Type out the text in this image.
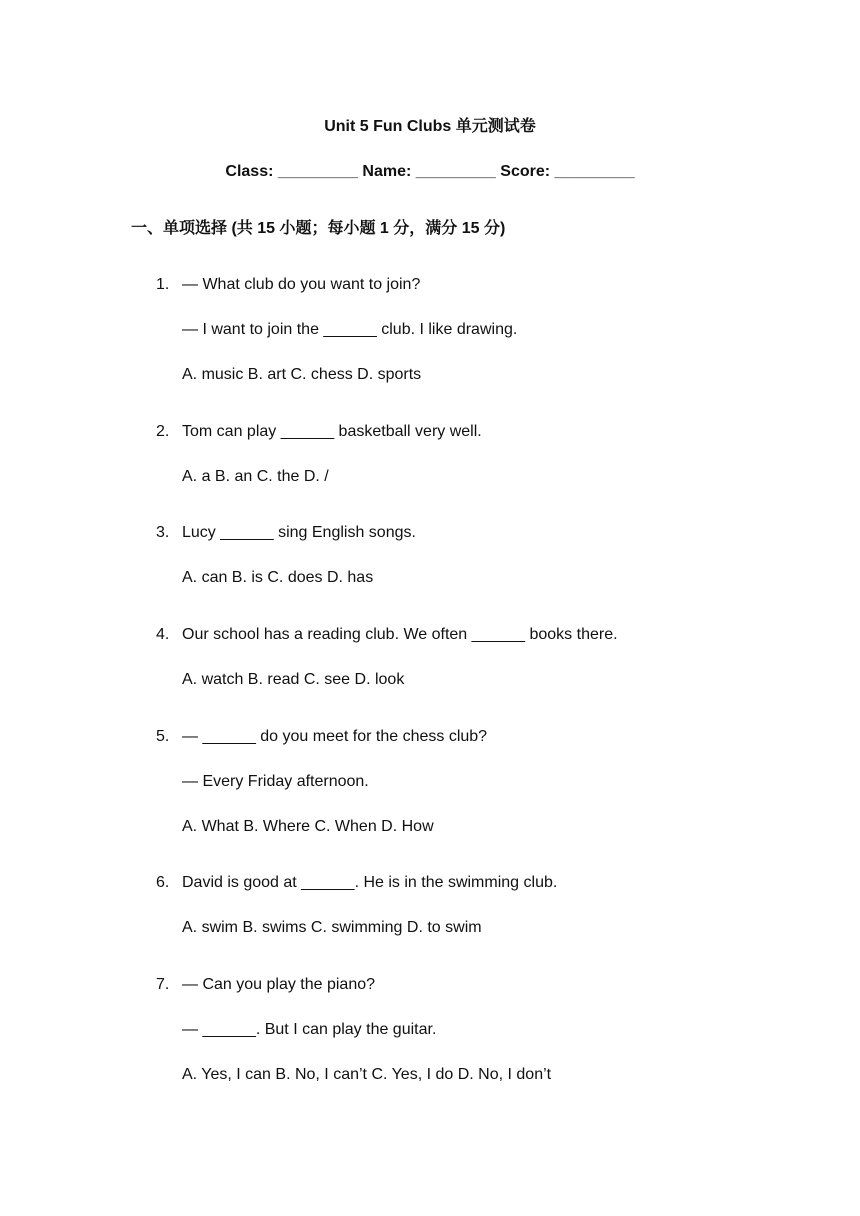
Unit 5 Fun Clubs 单元测试卷
Class: _________ Name: _________ Score: _________
一、单项选择 (共 15 小题；每小题 1 分，满分 15 分)
1. — What club do you want to join?
— I want to join the ______ club. I like drawing.
A. music B. art C. chess D. sports
2. Tom can play ______ basketball very well.
A. a B. an C. the D. /
3. Lucy ______ sing English songs.
A. can B. is C. does D. has
4. Our school has a reading club. We often ______ books there.
A. watch B. read C. see D. look
5. — ______ do you meet for the chess club?
— Every Friday afternoon.
A. What B. Where C. When D. How
6. David is good at ______. He is in the swimming club.
A. swim B. swims C. swimming D. to swim
7. — Can you play the piano?
— ______. But I can play the guitar.
A. Yes, I can B. No, I can’t C. Yes, I do D. No, I don’t
